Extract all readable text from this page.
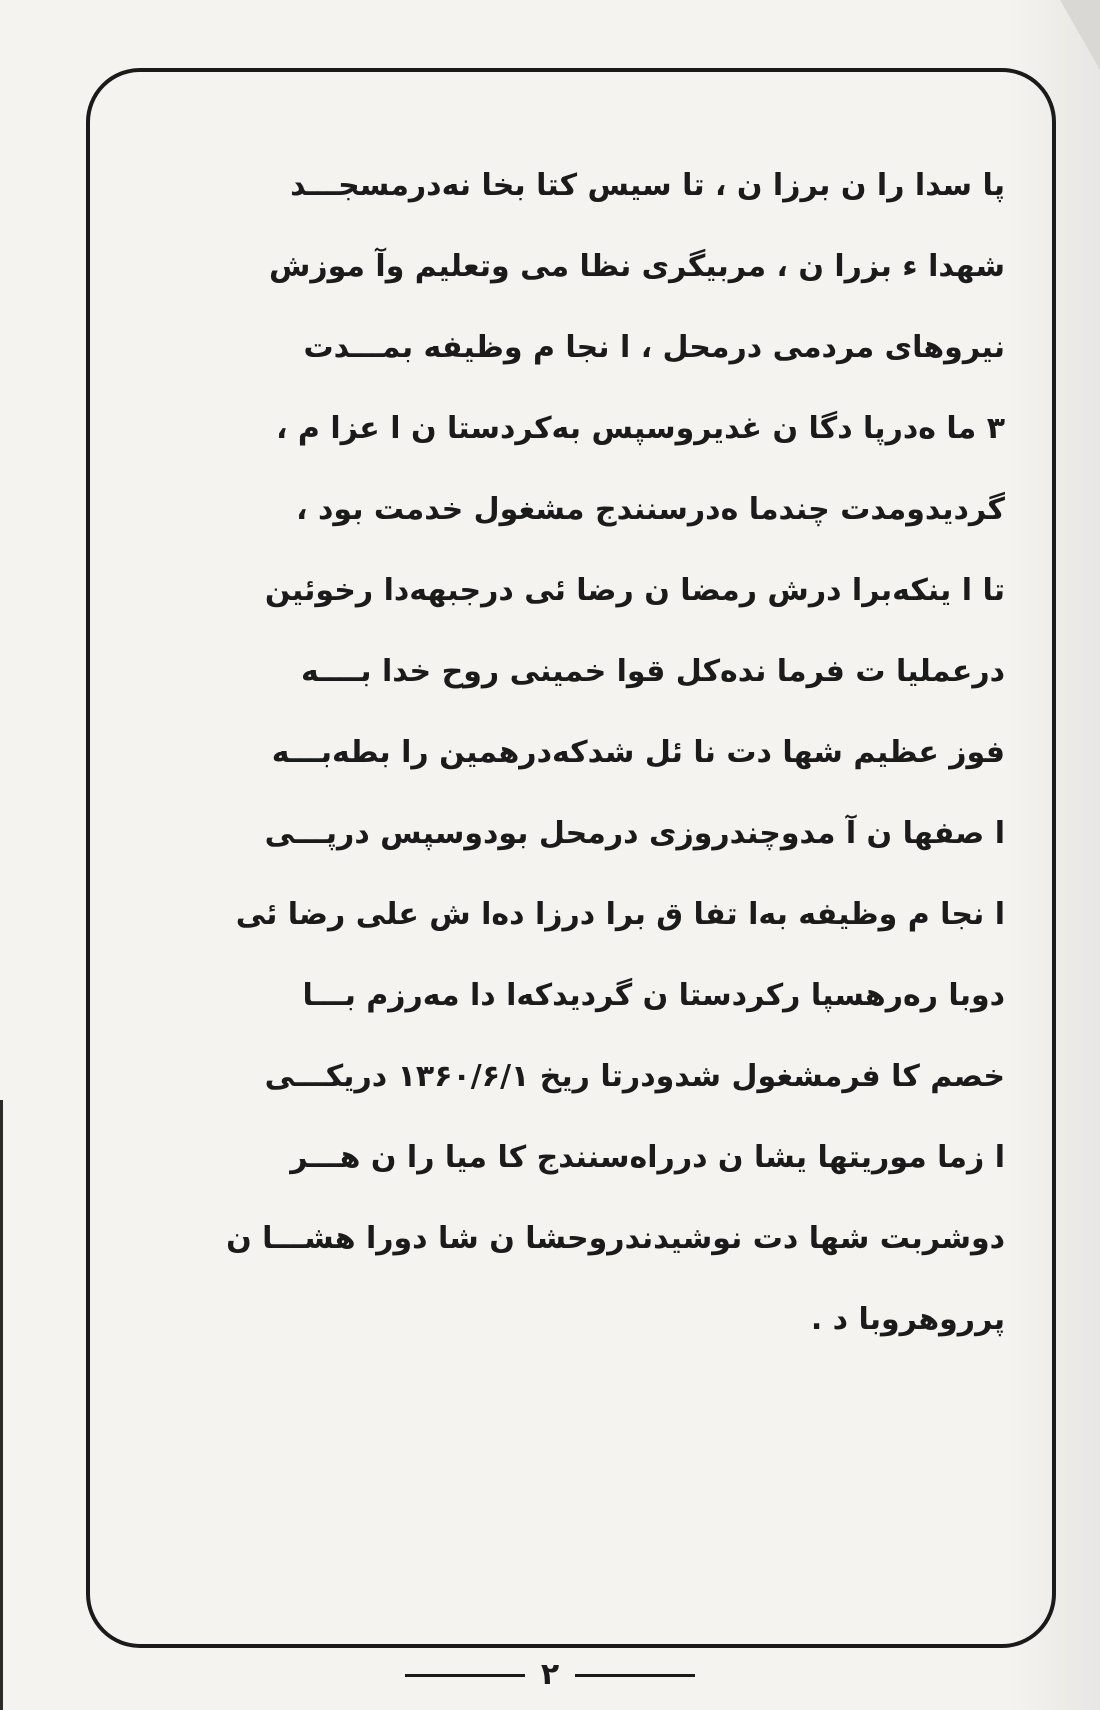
پا سدا را ن برزا ن ، تا سیس کتا بخا نه‌درمسجـــد
شهدا ء بزرا ن ، مربیگری نظا می وتعلیم وآ موزش
نیروهای مردمی درمحل ، ا نجا م وظیفه‌ بمـــدت
۳ ما ه‌درپا دگا ن غدیروسپس به‌کردستا ن ا عزا م ،
گردیدومدت چندما ه‌درسنندج مشغول خدمت بود ،
تا ا ینکه‌برا درش رمضا ن رضا ئی درجبهه‌دا رخوئین
درعملیا ت فرما نده‌کل قوا خمینی روح خدا بــــه
فوز عظیم شها دت نا ئل شدکه‌درهمین را بطه‌بـــه
ا صفها ن آ مدوچندروزی درمحل بودوسپس درپـــی
ا نجا م وظیفه‌ به‌ا تفا ق برا درزا ده‌ا ش علی رضا ئی
دوبا ره‌رهسپا رکردستا ن گردیدکه‌ا دا مه‌رزم بـــا
خصم کا فرمشغول شدودرتا ریخ ۱۳۶۰/۶/۱ دریکـــی
ا زما موریتها یشا ن درراه‌سنندج کا میا را ن هـــر
دوشربت شها دت نوشیدندروحشا ن شا دورا هشـــا ن
پرروهروبا د .
۲
